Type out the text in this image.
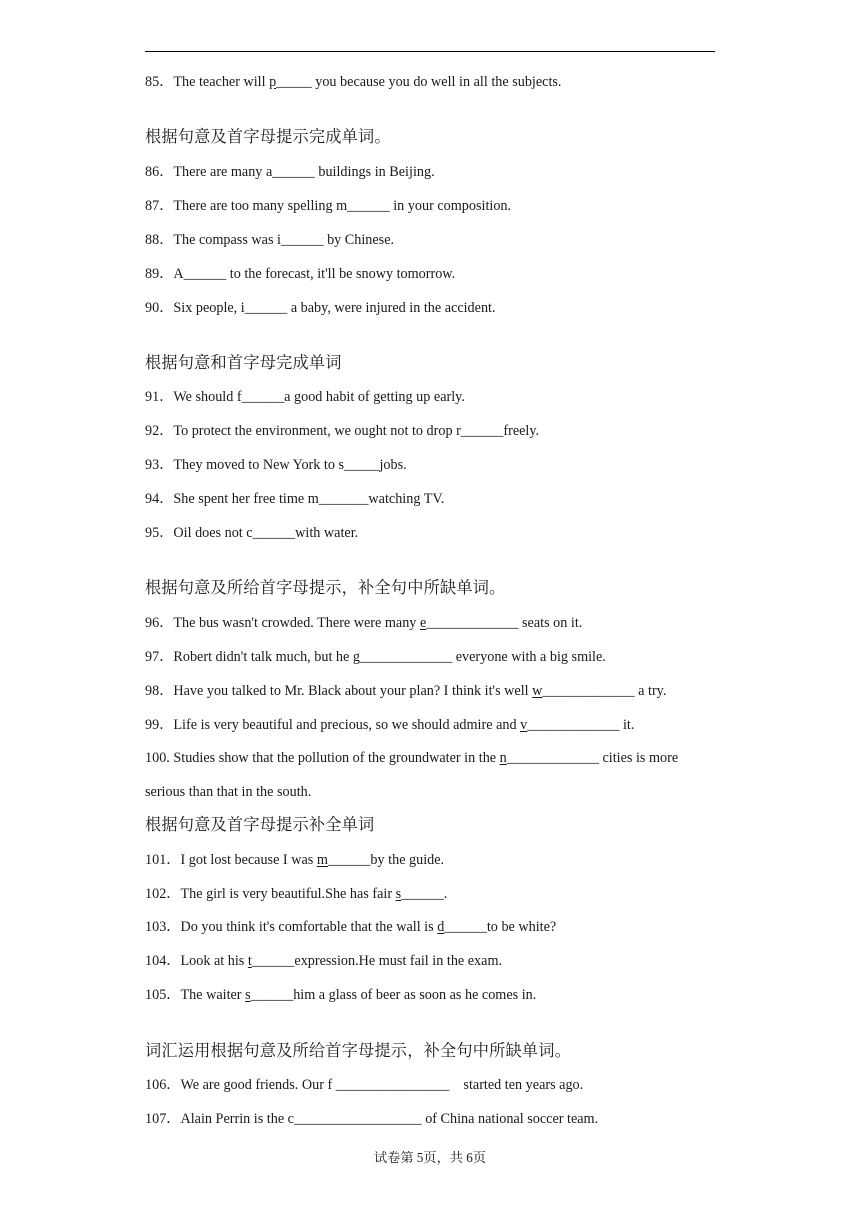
85．The teacher will p_____ you because you do well in all the subjects.
根据句意及首字母提示完成单词。
86．There are many a______ buildings in Beijing.
87．There are too many spelling m______ in your composition.
88．The compass was i______ by Chinese.
89．A______ to the forecast, it'll be snowy tomorrow.
90．Six people, i______ a baby, were injured in the accident.
根据句意和首字母完成单词
91．We should f______a good habit of getting up early.
92．To protect the environment, we ought not to drop r______freely.
93．They moved to New York to s_____jobs.
94．She spent her free time m_______watching TV.
95．Oil does not c______with water.
根据句意及所给首字母提示，补全句中所缺单词。
96．The bus wasn't crowded. There were many e_____________ seats on it.
97．Robert didn't talk much, but he g_____________ everyone with a big smile.
98．Have you talked to Mr. Black about your plan? I think it's well w_____________ a try.
99．Life is very beautiful and precious, so we should admire and v_____________ it.
100. Studies show that the pollution of the groundwater in the n_____________ cities is more
serious than that in the south.
根据句意及首字母提示补全单词
101．I got lost because I was m______by the guide.
102．The girl is very beautiful.She has fair s______.
103．Do you think it's comfortable that the wall is d______to be white?
104．Look at his t______expression.He must fail in the exam.
105．The waiter s______him a glass of beer as soon as he comes in.
词汇运用根据句意及所给首字母提示，补全句中所缺单词。
106．We are good friends. Our f ________________    started ten years ago.
107．Alain Perrin is the c__________________ of China national soccer team.
试卷第 5页，共 6页
